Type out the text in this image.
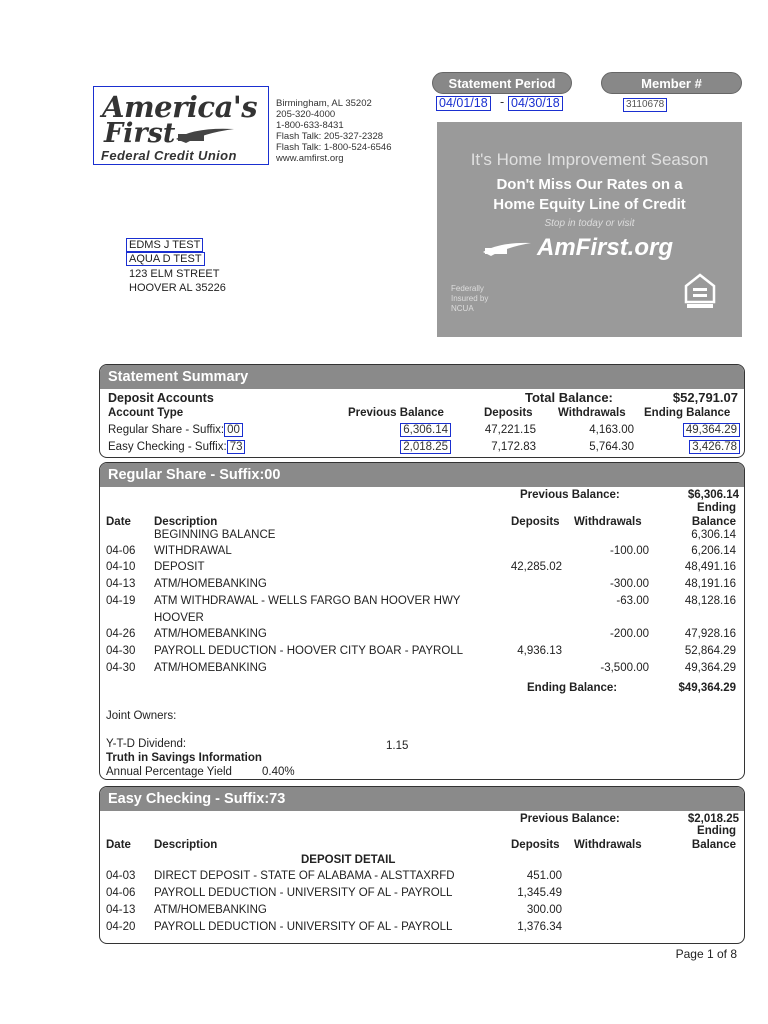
America's
First
Federal Credit Union
Birmingham, AL 35202
205-320-4000
1-800-633-8431
Flash Talk: 205-327-2328
Flash Talk: 1-800-524-6546
www.amfirst.org
Statement Period	Member #
04/01/18 - 04/30/18	3110678
It's Home Improvement Season
Don't Miss Our Rates on a
Home Equity Line of Credit
Stop in today or visit
AmFirst.org
Federally
Insured by
NCUA
EDMS J TEST
AQUA D TEST
123 ELM STREET
HOOVER AL 35226
Statement Summary
Deposit Accounts	Total Balance:	$52,791.07
Account Type	Previous Balance	Deposits Withdrawals Ending Balance
Regular Share - Suffix: 00	6,306.14	47,221.15	4,163.00	49,364.29
Easy Checking - Suffix: 73	2,018.25	7,172.83	5,764.30	3,426.78
Regular Share - Suffix:00
Previous Balance:	$6,306.14
Ending
Date Description	Deposits Withdrawals	Balance
BEGINNING BALANCE	6,306.14
04-06 WITHDRAWAL	-100.00	6,206.14
04-10 DEPOSIT	42,285.02	48,491.16
04-13 ATM/HOMEBANKING	-300.00	48,191.16
04-19 ATM WITHDRAWAL - WELLS FARGO BAN HOOVER HWY	-63.00	48,128.16
HOOVER
04-26 ATM/HOMEBANKING	-200.00	47,928.16
04-30 PAYROLL DEDUCTION - HOOVER CITY BOAR - PAYROLL	4,936.13	52,864.29
04-30 ATM/HOMEBANKING	-3,500.00	49,364.29
Ending Balance:	$49,364.29
Joint Owners:
Y-T-D Dividend:	1.15
Truth in Savings Information
Annual Percentage Yield	0.40%
Easy Checking - Suffix:73
Previous Balance:	$2,018.25
Ending
Date Description	Deposits Withdrawals	Balance
DEPOSIT DETAIL
04-03 DIRECT DEPOSIT - STATE OF ALABAMA - ALSTTAXRFD	451.00
04-06 PAYROLL DEDUCTION - UNIVERSITY OF AL - PAYROLL	1,345.49
04-13 ATM/HOMEBANKING	300.00
04-20 PAYROLL DEDUCTION - UNIVERSITY OF AL - PAYROLL	1,376.34
Page 1 of 8
